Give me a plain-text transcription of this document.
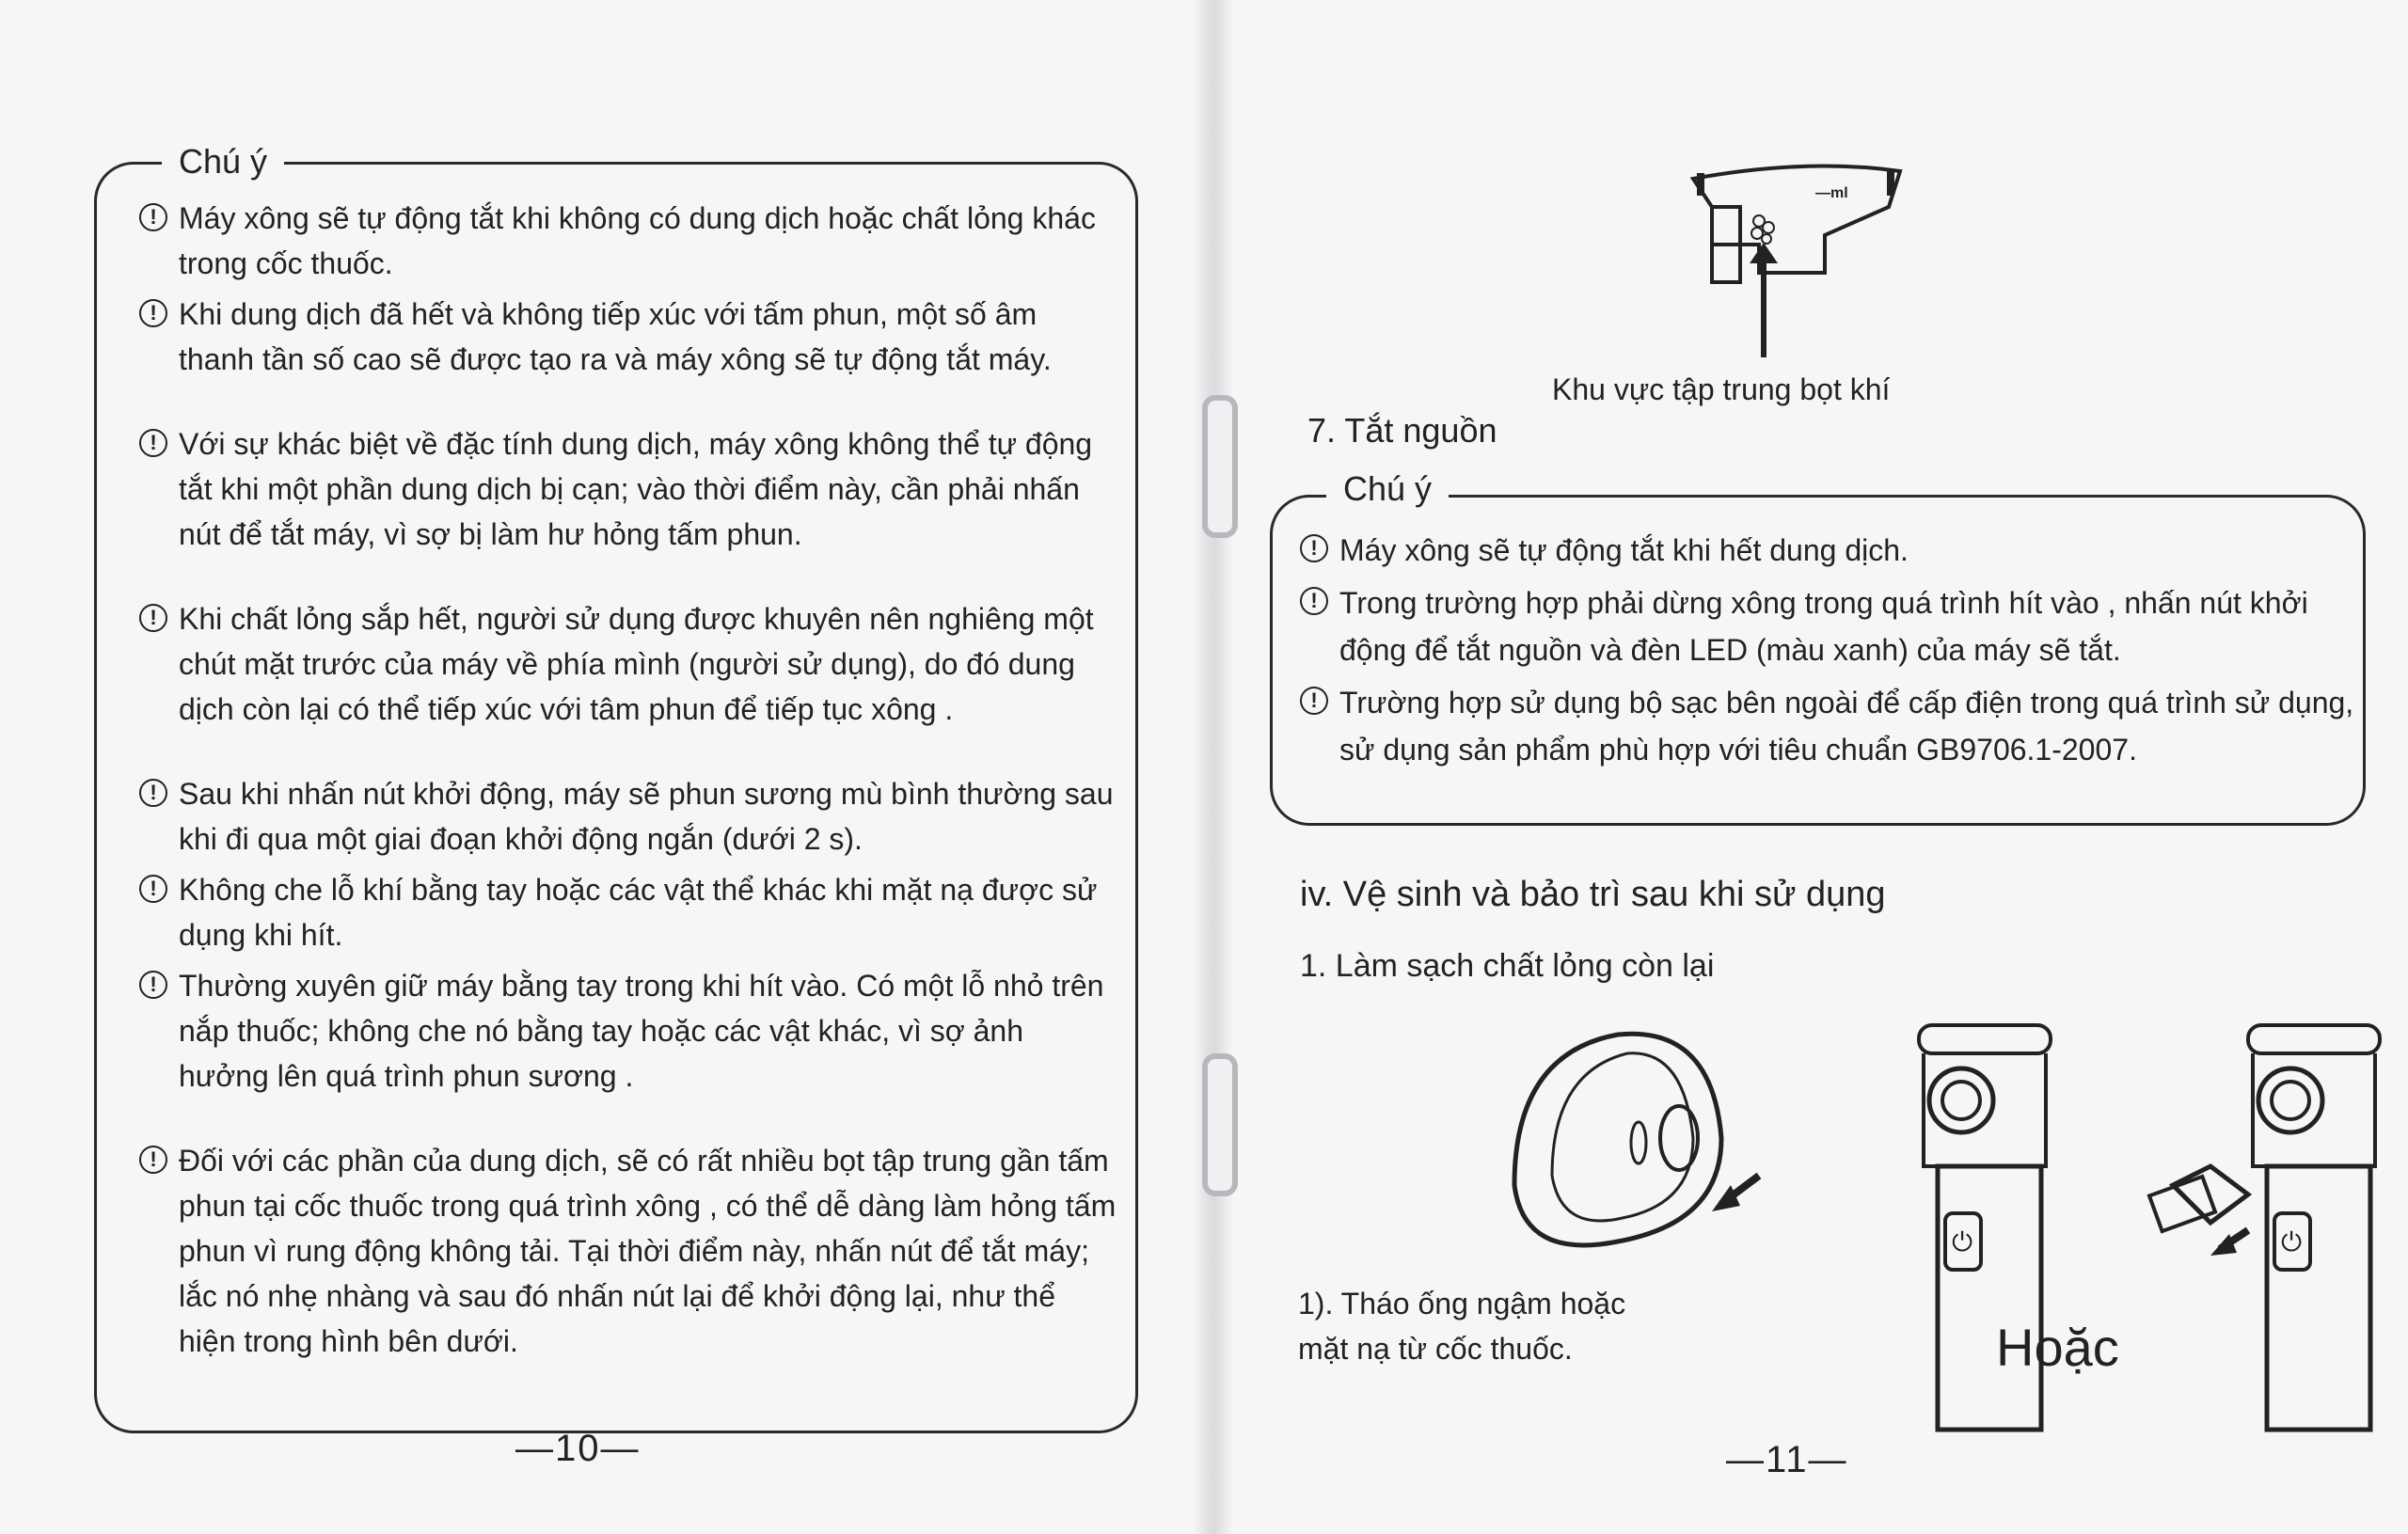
Chú ý
! Máy xông sẽ tự động tắt khi không có dung dịch hoặc chất lỏng khác trong cốc thuốc.
! Khi dung dịch đã hết và không tiếp xúc với tấm phun, một số âm thanh tần số cao sẽ được tạo ra và máy xông sẽ tự động tắt máy.
! Với sự khác biệt về đặc tính dung dịch, máy xông không thể tự động tắt khi một phần dung dịch bị cạn; vào thời điểm này, cần phải nhấn nút để tắt máy, vì sợ bị làm hư hỏng tấm phun.
! Khi chất lỏng sắp hết, người sử dụng được khuyên nên nghiêng một chút mặt trước của máy về phía mình (người sử dụng), do đó dung dịch còn lại có thể tiếp xúc với tâm phun để tiếp tục xông .
! Sau khi nhấn nút khởi động, máy sẽ phun sương mù bình thường sau khi đi qua một giai đoạn khởi động ngắn (dưới 2 s).
! Không che lỗ khí bằng tay hoặc các vật thể khác khi mặt nạ được sử dụng khi hít.
! Thường xuyên giữ máy bằng tay trong khi hít vào. Có một lỗ nhỏ trên nắp thuốc; không che nó bằng tay hoặc các vật khác, vì sợ ảnh hưởng lên quá trình phun sương .
! Đối với các phần của dung dịch, sẽ có rất nhiều bọt tập trung gần tấm phun tại cốc thuốc trong quá trình xông , có thể dễ dàng làm hỏng tấm phun vì rung động không tải. Tại thời điểm này, nhấn nút để tắt máy; lắc nó nhẹ nhàng và sau đó nhấn nút lại để khởi động lại, như thể hiện trong hình bên dưới.
—10—
—ml
Khu vực tập trung bọt khí
7. Tắt nguồn
Chú ý
! Máy xông sẽ tự động tắt khi hết dung dịch.
! Trong trường hợp phải dừng xông trong quá trình hít vào , nhấn nút khởi động để tắt nguồn và đèn LED (màu xanh) của máy sẽ tắt.
! Trường hợp sử dụng bộ sạc bên ngoài để cấp điện trong quá trình sử dụng, sử dụng sản phẩm phù hợp với tiêu chuẩn GB9706.1-2007.
iv. Vệ sinh và bảo trì sau khi sử dụng
1. Làm sạch chất lỏng còn lại
⏻	⏻
1). Tháo ống ngậm hoặc mặt nạ từ cốc thuốc.	Hoặc
—11—
